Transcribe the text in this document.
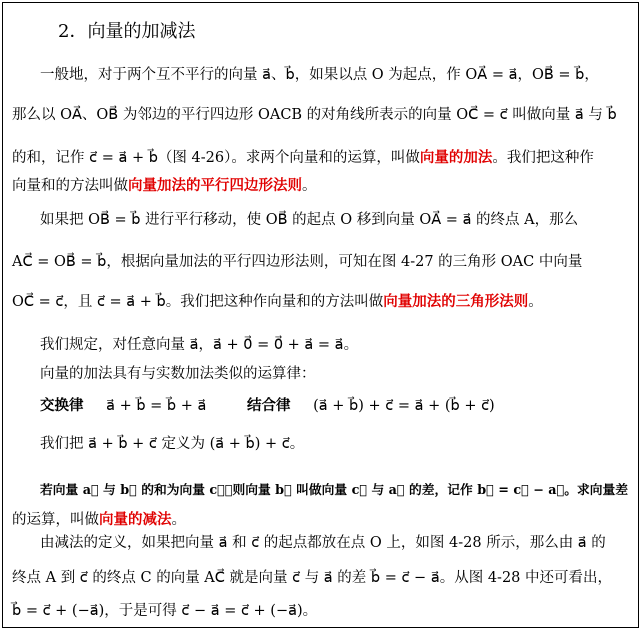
2．向量的加减法
一般地，对于两个互不平行的向量 a⃗、b⃗，如果以点 O 为起点，作 OA⃗ = a⃗，OB⃗ = b⃗，
那么以 OA⃗、OB⃗ 为邻边的平行四边形 OACB 的对角线所表示的向量 OC⃗ = c⃗ 叫做向量 a⃗ 与 b⃗
的和，记作 c⃗ = a⃗ + b⃗（图 4-26）。求两个向量和的运算，叫做向量的加法。我们把这种作
向量和的方法叫做向量加法的平行四边形法则。
如果把 OB⃗ = b⃗ 进行平行移动，使 OB⃗ 的起点 O 移到向量 OA⃗ = a⃗ 的终点 A，那么
AC⃗ = OB⃗ = b⃗，根据向量加法的平行四边形法则，可知在图 4-27 的三角形 OAC 中向量
OC⃗ = c⃗，且 c⃗ = a⃗ + b⃗。我们把这种作向量和的方法叫做向量加法的三角形法则。
我们规定，对任意向量 a⃗，a⃗ + 0⃗ = 0⃗ + a⃗ = a⃗。
向量的加法具有与实数加法类似的运算律：
交换律 a⃗ + b⃗ = b⃗ + a⃗	结合律 (a⃗ + b⃗) + c⃗ = a⃗ + (b⃗ + c⃗)
我们把 a⃗ + b⃗ + c⃗ 定义为 (a⃗ + b⃗) + c⃗。
若向量 a⃗ 与 b⃗ 的和为向量 c⃗，则向量 b⃗ 叫做向量 c⃗ 与 a⃗ 的差，记作 b⃗ = c⃗ − a⃗。求向量差
的运算，叫做向量的减法。
由减法的定义，如果把向量 a⃗ 和 c⃗ 的起点都放在点 O 上，如图 4-28 所示，那么由 a⃗ 的
终点 A 到 c⃗ 的终点 C 的向量 AC⃗ 就是向量 c⃗ 与 a⃗ 的差 b⃗ = c⃗ − a⃗。从图 4-28 中还可看出，
b⃗ = c⃗ + (−a⃗)，于是可得 c⃗ − a⃗ = c⃗ + (−a⃗)。
